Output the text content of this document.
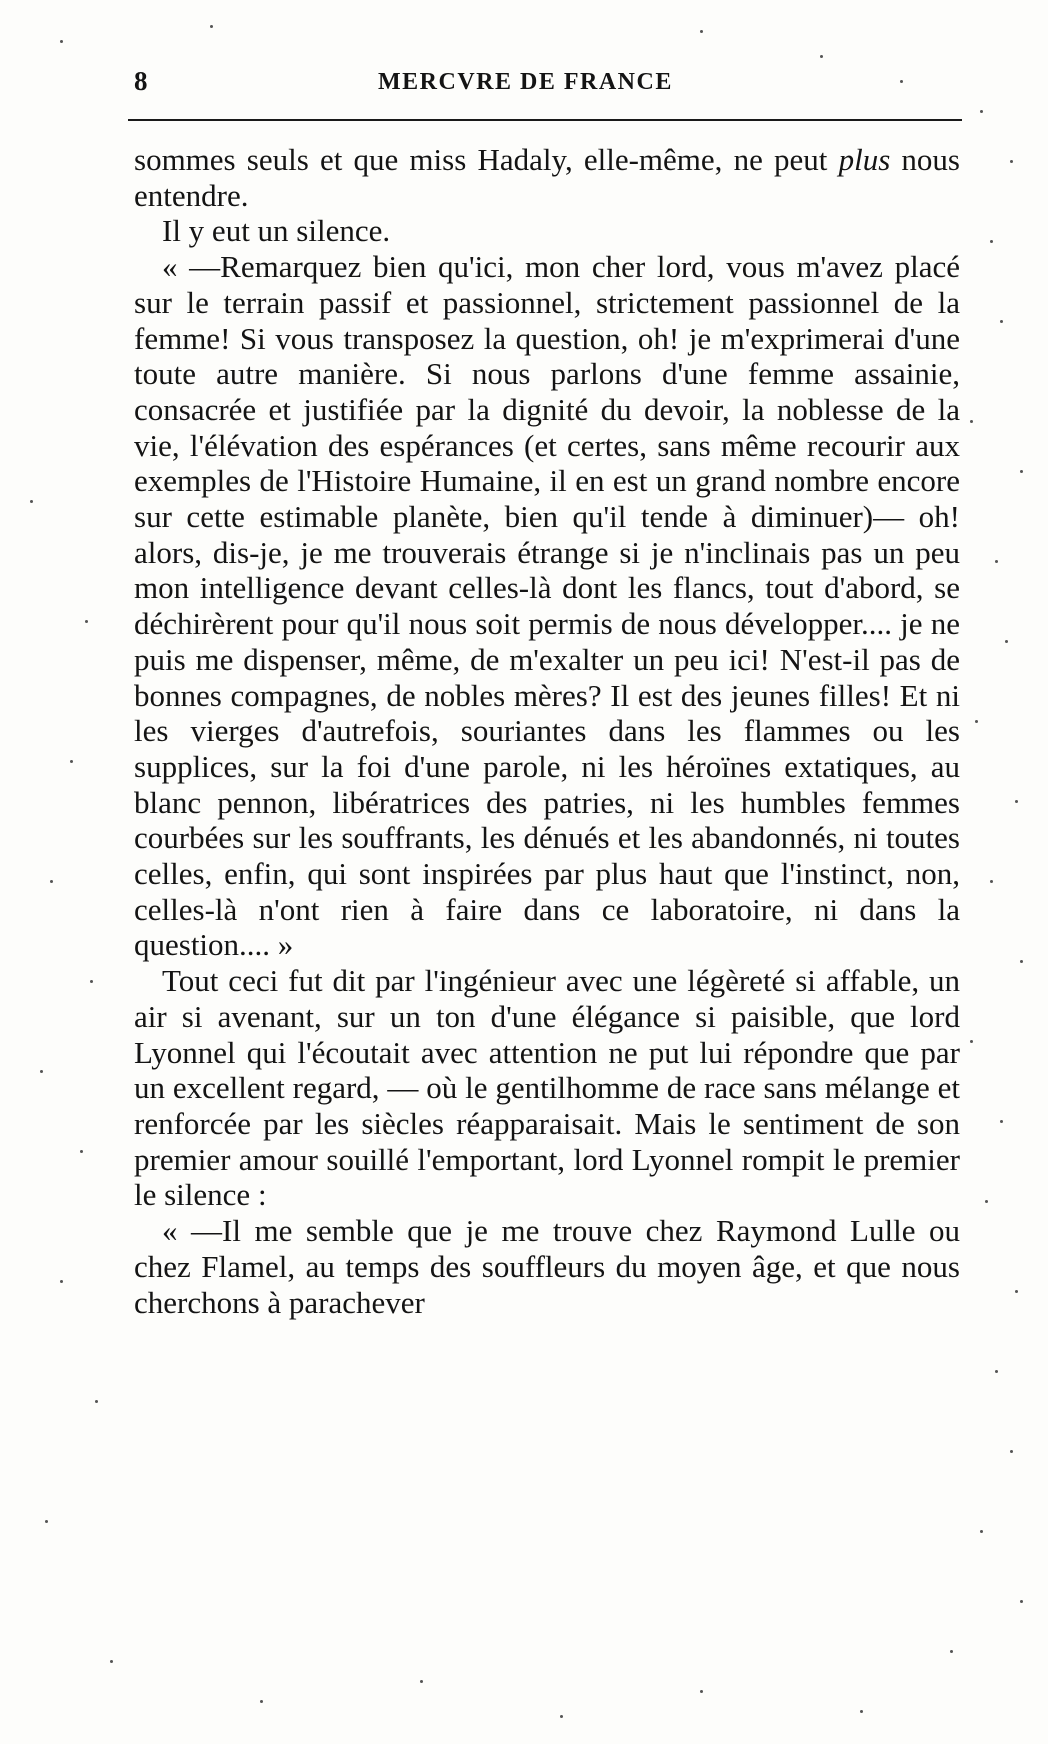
8	MERCVRE DE FRANCE

sommes seuls et que miss Hadaly, elle-même, ne peut plus nous entendre.

Il y eut un silence.

« —Remarquez bien qu'ici, mon cher lord, vous m'avez placé sur le terrain passif et passionnel, strictement passionnel de la femme! Si vous transposez la question, oh! je m'exprimerai d'une toute autre manière. Si nous parlons d'une femme assainie, consacrée et justifiée par la dignité du devoir, la noblesse de la vie, l'élévation des espérances (et certes, sans même recourir aux exemples de l'Histoire Humaine, il en est un grand nombre encore sur cette estimable planète, bien qu'il tende à diminuer)— oh! alors, dis-je, je me trouverais étrange si je n'inclinais pas un peu mon intelligence devant celles-là dont les flancs, tout d'abord, se déchirèrent pour qu'il nous soit permis de nous développer.... je ne puis me dispenser, même, de m'exalter un peu ici! N'est-il pas de bonnes compagnes, de nobles mères? Il est des jeunes filles! Et ni les vierges d'autrefois, souriantes dans les flammes ou les supplices, sur la foi d'une parole, ni les héroïnes extatiques, au blanc pennon, libératrices des patries, ni les humbles femmes courbées sur les souffrants, les dénués et les abandonnés, ni toutes celles, enfin, qui sont inspirées par plus haut que l'instinct, non, celles-là n'ont rien à faire dans ce laboratoire, ni dans la question.... »

Tout ceci fut dit par l'ingénieur avec une légèreté si affable, un air si avenant, sur un ton d'une élégance si paisible, que lord Lyonnel qui l'écoutait avec attention ne put lui répondre que par un excellent regard, — où le gentilhomme de race sans mélange et renforcée par les siècles réapparaisait. Mais le sentiment de son premier amour souillé l'emportant, lord Lyonnel rompit le premier le silence :

« —Il me semble que je me trouve chez Raymond Lulle ou chez Flamel, au temps des souffleurs du moyen âge, et que nous cherchons à parachever
